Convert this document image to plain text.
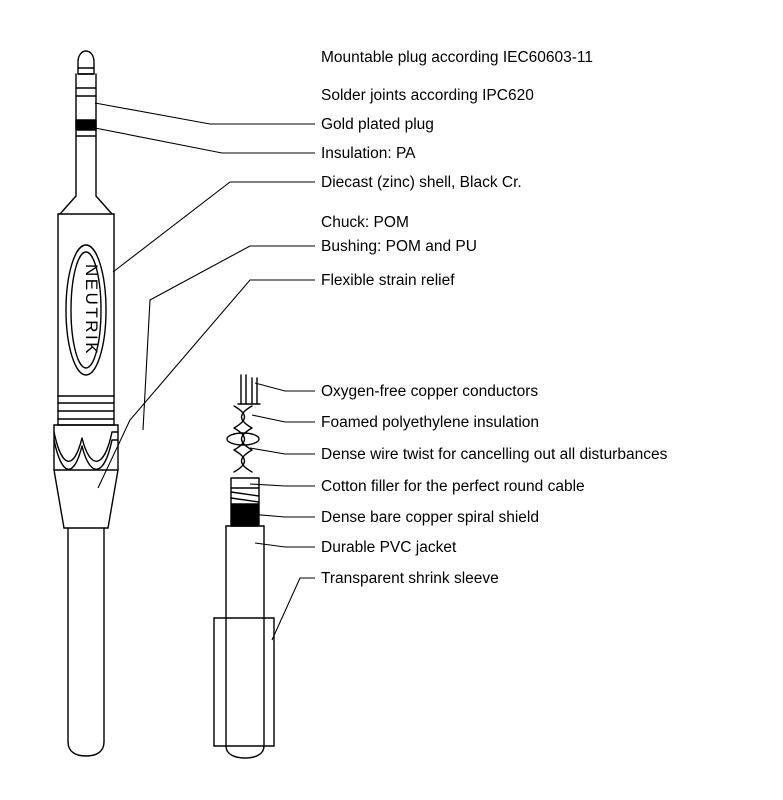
NEUTRIK
Mountable plug according IEC60603-11
Solder joints according IPC620
Gold plated plug
Insulation: PA
Diecast (zinc) shell, Black Cr.
Chuck: POM
Bushing: POM and PU
Flexible strain relief
Oxygen-free copper conductors
Foamed polyethylene insulation
Dense wire twist for cancelling out all disturbances
Cotton filler for the perfect round cable
Dense bare copper spiral shield
Durable PVC jacket
Transparent shrink sleeve
